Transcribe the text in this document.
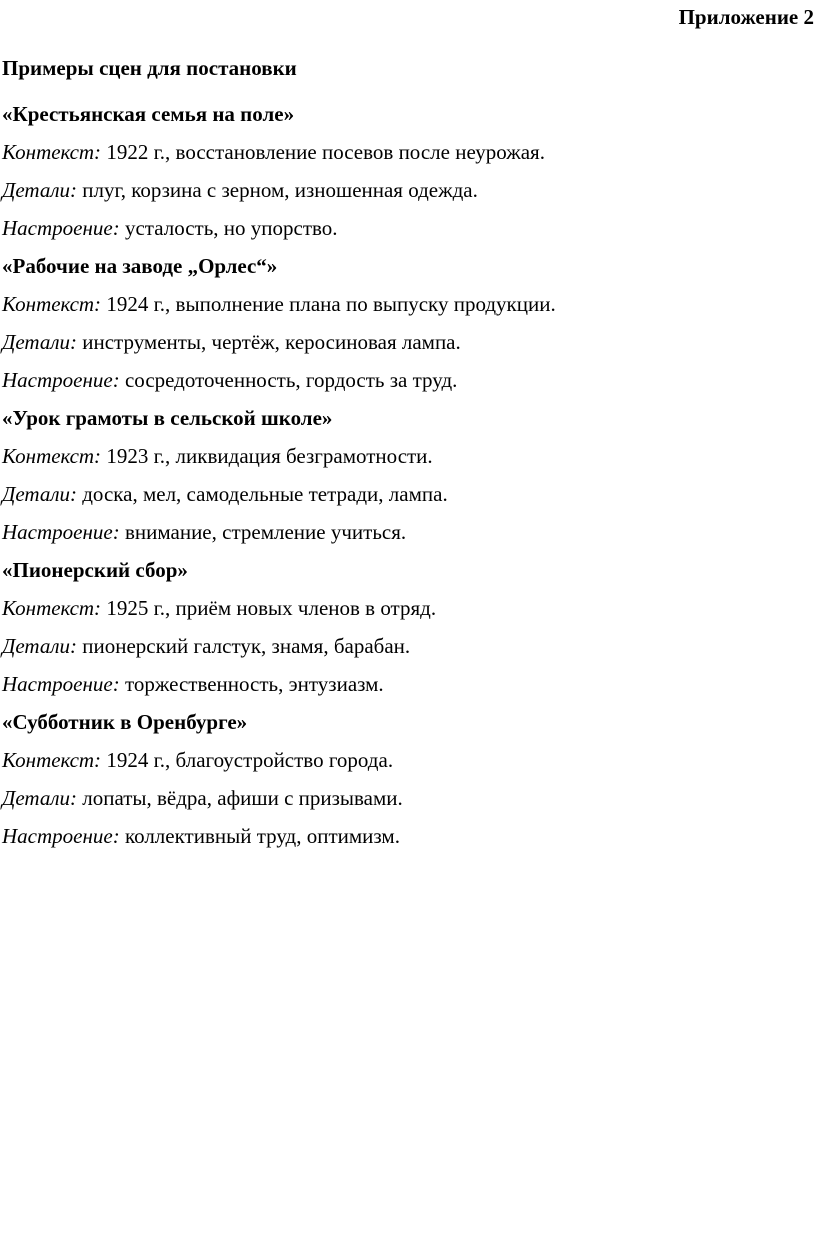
Приложение 2
Примеры сцен для постановки
«Крестьянская семья на поле»
Контекст: 1922 г., восстановление посевов после неурожая.
Детали: плуг, корзина с зерном, изношенная одежда.
Настроение: усталость, но упорство.
«Рабочие на заводе „Орлес“»
Контекст: 1924 г., выполнение плана по выпуску продукции.
Детали: инструменты, чертёж, керосиновая лампа.
Настроение: сосредоточенность, гордость за труд.
«Урок грамоты в сельской школе»
Контекст: 1923 г., ликвидация безграмотности.
Детали: доска, мел, самодельные тетради, лампа.
Настроение: внимание, стремление учиться.
«Пионерский сбор»
Контекст: 1925 г., приём новых членов в отряд.
Детали: пионерский галстук, знамя, барабан.
Настроение: торжественность, энтузиазм.
«Субботник в Оренбурге»
Контекст: 1924 г., благоустройство города.
Детали: лопаты, вёдра, афиши с призывами.
Настроение: коллективный труд, оптимизм.
